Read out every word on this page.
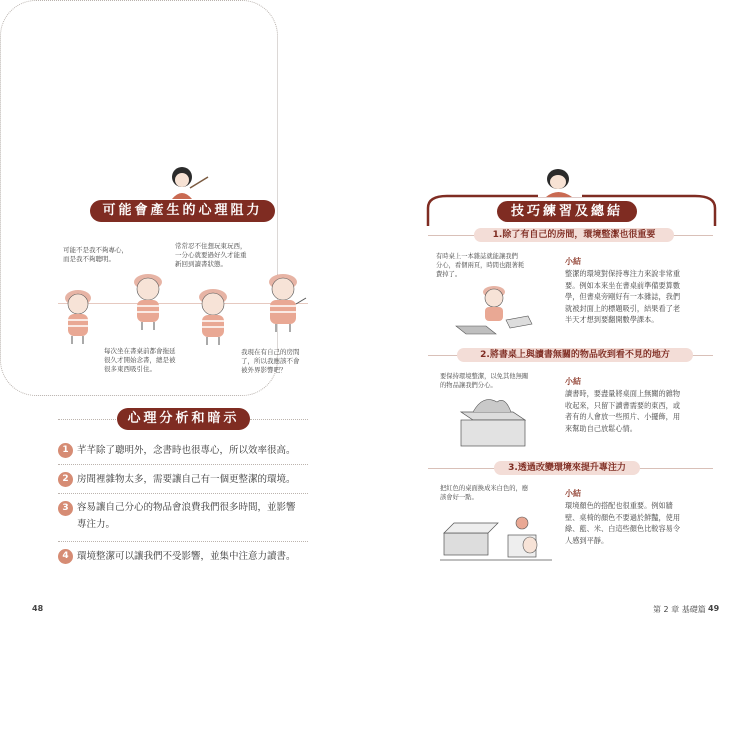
可能會產生的心理阻力
可能不是我不夠專心，
而是我不夠聰明。
常常忍不住想玩東玩西，
一分心就要過好久才能重
新回到讀書狀態。
每次坐在書桌前都會拖延
很久才開始念書，總是被
很多東西吸引住。
我現在有自己的房間
了，所以我應該不會
被外界影響吧？
心理分析和暗示
1 芊芊除了聰明外，念書時也很專心，所以效率很高。
2 房間裡雜物太多，需要讓自己有一個更整潔的環境。
3 容易讓自己分心的物品會浪費我們很多時間，並影響
專注力。
4 環境整潔可以讓我們不受影響，並集中注意力讀書。
48
技巧練習及總結
1.除了有自己的房間，環境整潔也很重要
有時桌上一本雜誌就能讓我們
分心，看個兩頁，時間也跟著耗
費掉了。
小結
整潔的環境對保持專注力來說非常重
要。例如本來坐在書桌前準備要算數
學，但書桌旁剛好有一本雜誌，我們
就被封面上的標題吸引，結果看了老
半天才想到要翻開數學課本。
2.將書桌上與讀書無關的物品收到看不見的地方
要保持環境整潔，以免其他無關
的物品讓我們分心。	小結
讀書時，要盡量將桌面上無關的雜物
收起來，只留下讀書需要的東西，或
者有的人會放一些照片、小擺飾，用
來幫助自己放鬆心情。
3.透過改變環境來提升專注力
把紅色的桌面換成米白色的，應
該會好一點。	小結
環境顏色的搭配也很重要。例如牆
壁、桌椅的顏色不要過於鮮豔，使用
綠、藍、米、白這些顏色比較容易令
人感到平靜。
第 2 章 基礎篇 49
